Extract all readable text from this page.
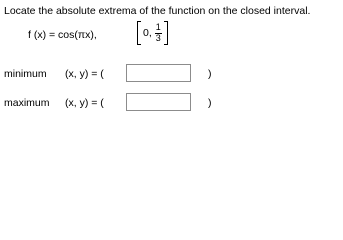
Locate the absolute extrema of the function on the closed interval.
f (x) = cos(πx),	0, $\frac{1}{3}$
minimum (x, y) = (	)
maximum (x, y) = (	)
